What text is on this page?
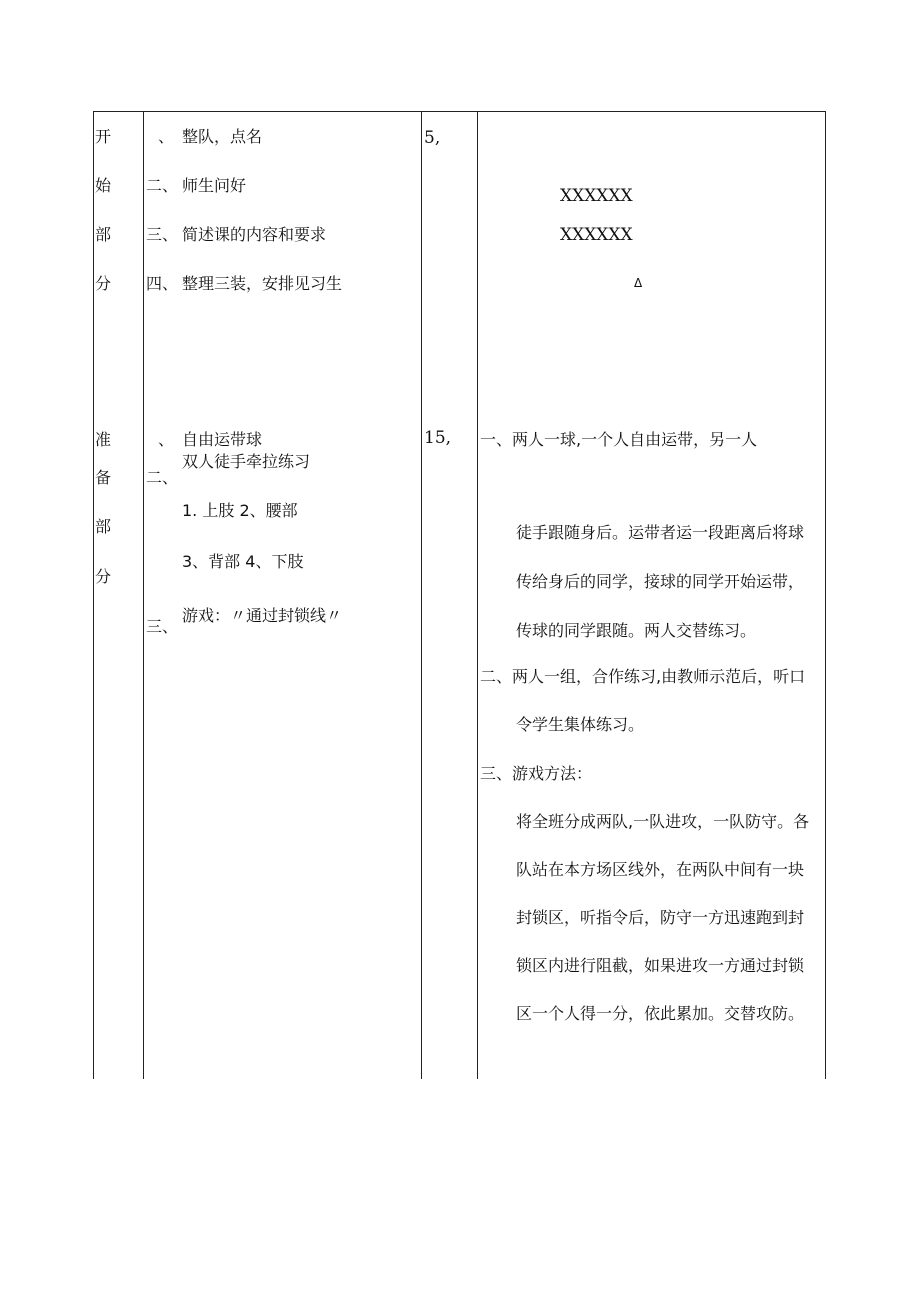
开
始
部
分
、 整队，点名
二、 师生问好
三、 简述课的内容和要求
四、 整理三装，安排见习生
5,
XXXXXX
XXXXXX
Δ
准
备
部
分
、 自由运带球
二、
双人徒手牵拉练习
1. 上肢 2、腰部
3、背部 4、下肢
三、
游戏：〃通过封锁线〃
15, 一、两人一球,一个人自由运带，另一人
徒手跟随身后。运带者运一段距离后将球
传给身后的同学，接球的同学开始运带，
传球的同学跟随。两人交替练习。
二、两人一组，合作练习,由教师示范后，听口
令学生集体练习。
三、游戏方法：
将全班分成两队,一队进攻，一队防守。各
队站在本方场区线外，在两队中间有一块
封锁区，听指令后，防守一方迅速跑到封
锁区内进行阻截，如果进攻一方通过封锁
区一个人得一分，依此累加。交替攻防。
